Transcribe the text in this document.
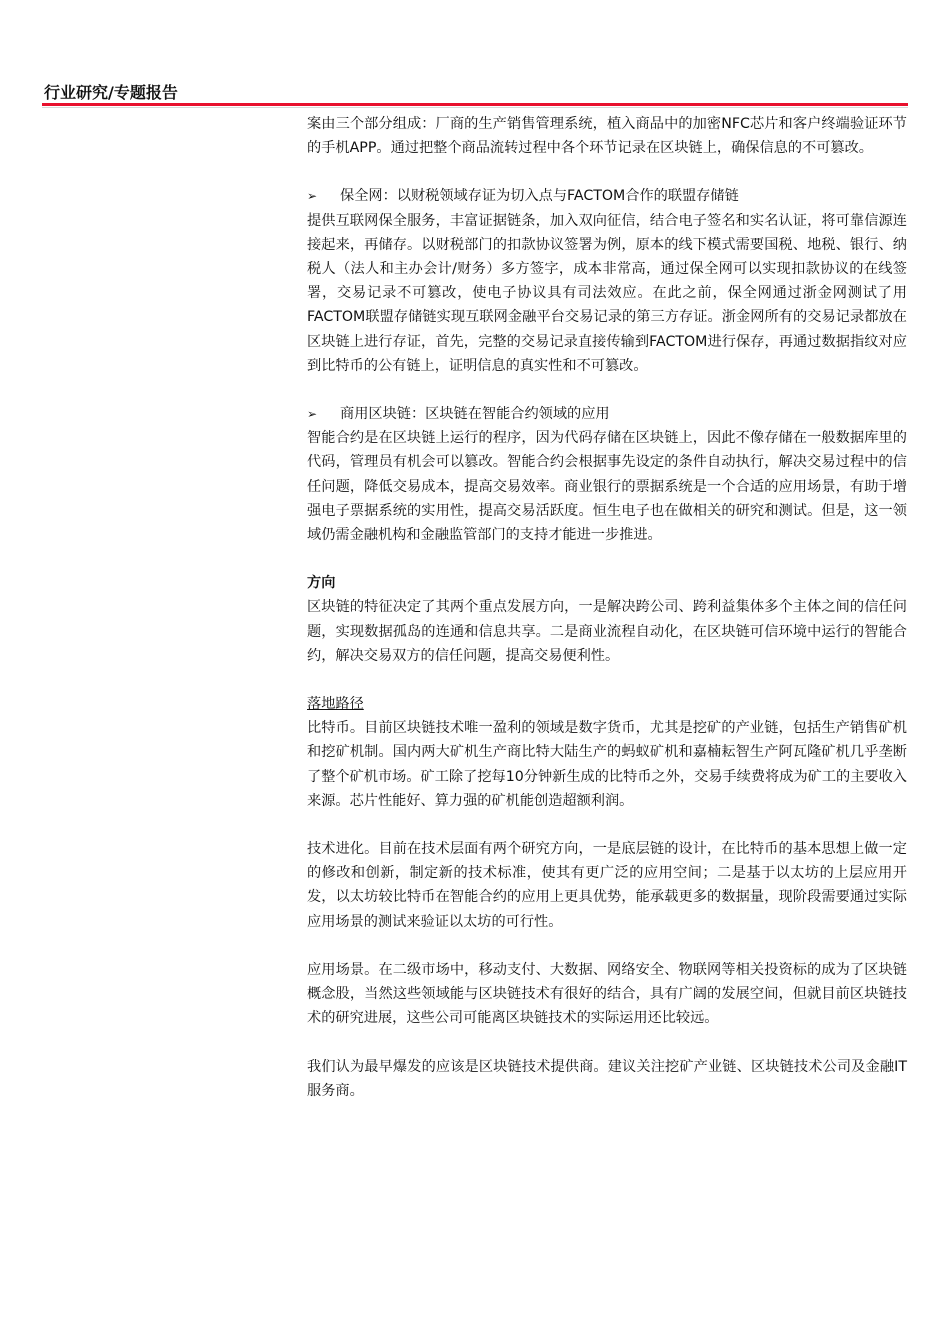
行业研究/专题报告

案由三个部分组成：厂商的生产销售管理系统，植入商品中的加密NFC芯片和客户终端验证环节的手机APP。通过把整个商品流转过程中各个环节记录在区块链上，确保信息的不可篡改。

➢	保全网：以财税领域存证为切入点与FACTOM合作的联盟存储链

提供互联网保全服务，丰富证据链条，加入双向征信，结合电子签名和实名认证，将可靠信源连接起来，再储存。以财税部门的扣款协议签署为例，原本的线下模式需要国税、地税、银行、纳税人（法人和主办会计/财务）多方签字，成本非常高，通过保全网可以实现扣款协议的在线签署，交易记录不可篡改，使电子协议具有司法效应。在此之前，保全网通过浙金网测试了用FACTOM联盟存储链实现互联网金融平台交易记录的第三方存证。浙金网所有的交易记录都放在区块链上进行存证，首先，完整的交易记录直接传输到FACTOM进行保存，再通过数据指纹对应到比特币的公有链上，证明信息的真实性和不可篡改。

➢	商用区块链：区块链在智能合约领域的应用

智能合约是在区块链上运行的程序，因为代码存储在区块链上，因此不像存储在一般数据库里的代码，管理员有机会可以篡改。智能合约会根据事先设定的条件自动执行，解决交易过程中的信任问题，降低交易成本，提高交易效率。商业银行的票据系统是一个合适的应用场景，有助于增强电子票据系统的实用性，提高交易活跃度。恒生电子也在做相关的研究和测试。但是，这一领域仍需金融机构和金融监管部门的支持才能进一步推进。

方向

区块链的特征决定了其两个重点发展方向，一是解决跨公司、跨利益集体多个主体之间的信任问题，实现数据孤岛的连通和信息共享。二是商业流程自动化，在区块链可信环境中运行的智能合约，解决交易双方的信任问题，提高交易便利性。

落地路径

比特币。目前区块链技术唯一盈利的领域是数字货币，尤其是挖矿的产业链，包括生产销售矿机和挖矿机制。国内两大矿机生产商比特大陆生产的蚂蚁矿机和嘉楠耘智生产阿瓦隆矿机几乎垄断了整个矿机市场。矿工除了挖每10分钟新生成的比特币之外，交易手续费将成为矿工的主要收入来源。芯片性能好、算力强的矿机能创造超额利润。

技术进化。目前在技术层面有两个研究方向，一是底层链的设计，在比特币的基本思想上做一定的修改和创新，制定新的技术标准，使其有更广泛的应用空间；二是基于以太坊的上层应用开发，以太坊较比特币在智能合约的应用上更具优势，能承载更多的数据量，现阶段需要通过实际应用场景的测试来验证以太坊的可行性。

应用场景。在二级市场中，移动支付、大数据、网络安全、物联网等相关投资标的成为了区块链概念股，当然这些领域能与区块链技术有很好的结合，具有广阔的发展空间，但就目前区块链技术的研究进展，这些公司可能离区块链技术的实际运用还比较远。

我们认为最早爆发的应该是区块链技术提供商。建议关注挖矿产业链、区块链技术公司及金融IT服务商。
